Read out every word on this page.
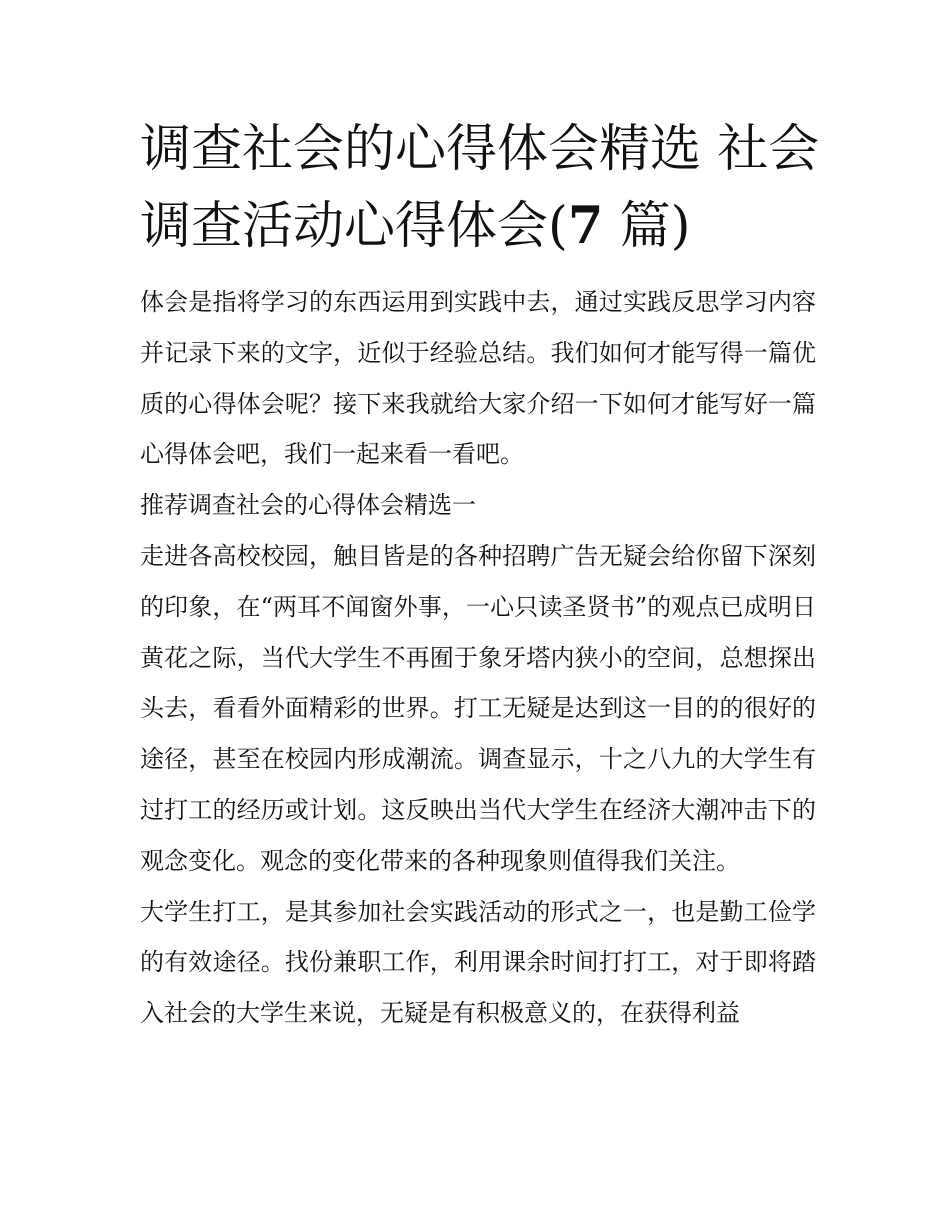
调查社会的心得体会精选 社会调查活动心得体会(7 篇)

体会是指将学习的东西运用到实践中去，通过实践反思学习内容并记录下来的文字，近似于经验总结。我们如何才能写得一篇优质的心得体会呢？接下来我就给大家介绍一下如何才能写好一篇心得体会吧，我们一起来看一看吧。

推荐调查社会的心得体会精选一

走进各高校校园，触目皆是的各种招聘广告无疑会给你留下深刻的印象，在“两耳不闻窗外事，一心只读圣贤书”的观点已成明日黄花之际，当代大学生不再囿于象牙塔内狭小的空间，总想探出头去，看看外面精彩的世界。打工无疑是达到这一目的的很好的途径，甚至在校园内形成潮流。调查显示，十之八九的大学生有过打工的经历或计划。这反映出当代大学生在经济大潮冲击下的观念变化。观念的变化带来的各种现象则值得我们关注。

大学生打工，是其参加社会实践活动的形式之一，也是勤工俭学的有效途径。找份兼职工作，利用课余时间打打工，对于即将踏入社会的大学生来说，无疑是有积极意义的，在获得利益
